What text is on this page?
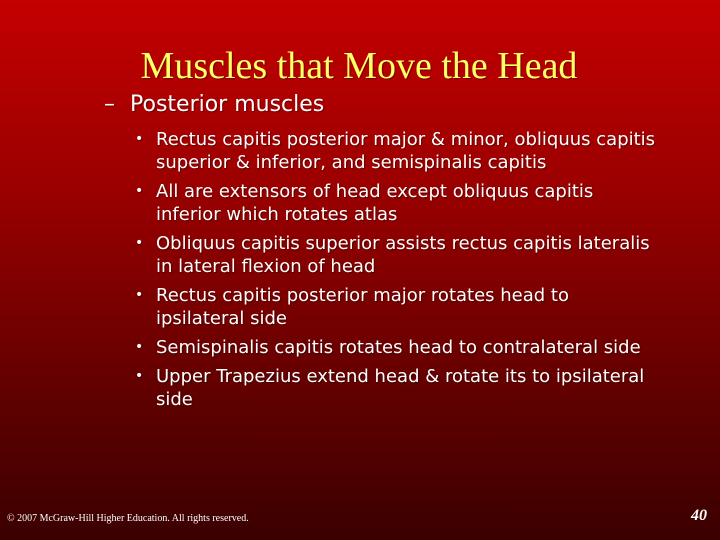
Muscles that Move the Head
– Posterior muscles
• Rectus capitis posterior major & minor, obliquus capitis superior & inferior, and semispinalis capitis
• All are extensors of head except obliquus capitis inferior which rotates atlas
• Obliquus capitis superior assists rectus capitis lateralis in lateral flexion of head
• Rectus capitis posterior major rotates head to ipsilateral side
• Semispinalis capitis rotates head to contralateral side
• Upper Trapezius extend head & rotate its to ipsilateral side
© 2007 McGraw-Hill Higher Education. All rights reserved.	40
